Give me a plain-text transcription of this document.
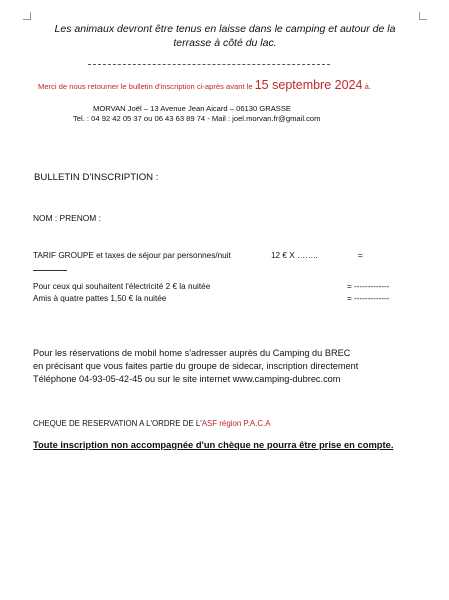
Les animaux devront être tenus en laisse dans le camping et autour de la terrasse à côté du lac.
Merci de nous retourner le bulletin d'inscription ci-après avant le 15 septembre 2024 à.
MORVAN Joël – 13 Avenue Jean Aicard – 06130 GRASSE
Tel. : 04 92 42 05 37 ou 06 43 63 89 74 - Mail : joel.morvan.fr@gmail.com
BULLETIN D'INSCRIPTION :
NOM : PRENOM :
TARIF GROUPE et taxes de séjour par personnes/nuit	12 € X ……..	=
Pour ceux qui souhaitent l'électricité 2 € la nuitée	= -------------
Amis à quatre pattes 1,50 € la nuitée	= -------------
Pour les réservations de mobil home s'adresser auprès du Camping du BREC
en précisant que vous faites partie du groupe de sidecar, inscription directement
Téléphone 04-93-05-42-45 ou sur le site internet www.camping-dubrec.com
CHEQUE DE RESERVATION A L'ORDRE DE L'ASF région P.A.C.A
Toute inscription non accompagnée d'un chèque ne pourra être prise en compte.
